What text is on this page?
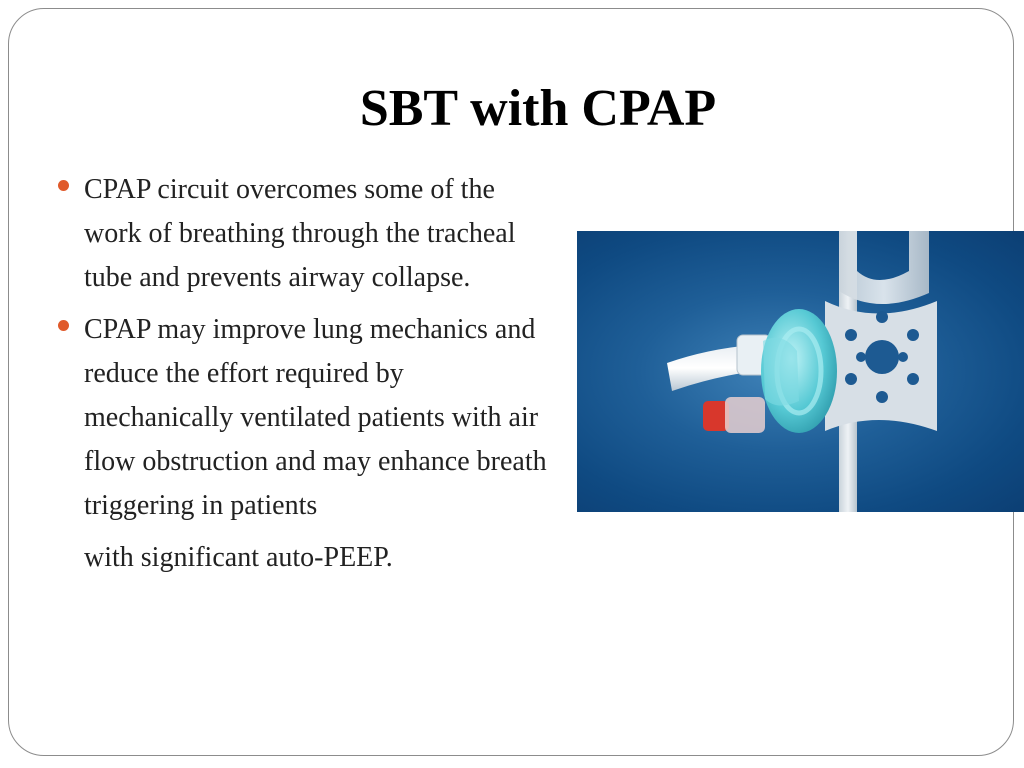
SBT with CPAP
CPAP circuit overcomes some of the work of breathing through the tracheal tube and prevents airway collapse.
CPAP may improve lung mechanics and reduce the effort required by mechanically ventilated patients with air flow obstruction and may enhance breath triggering in patients
with significant auto-PEEP.
